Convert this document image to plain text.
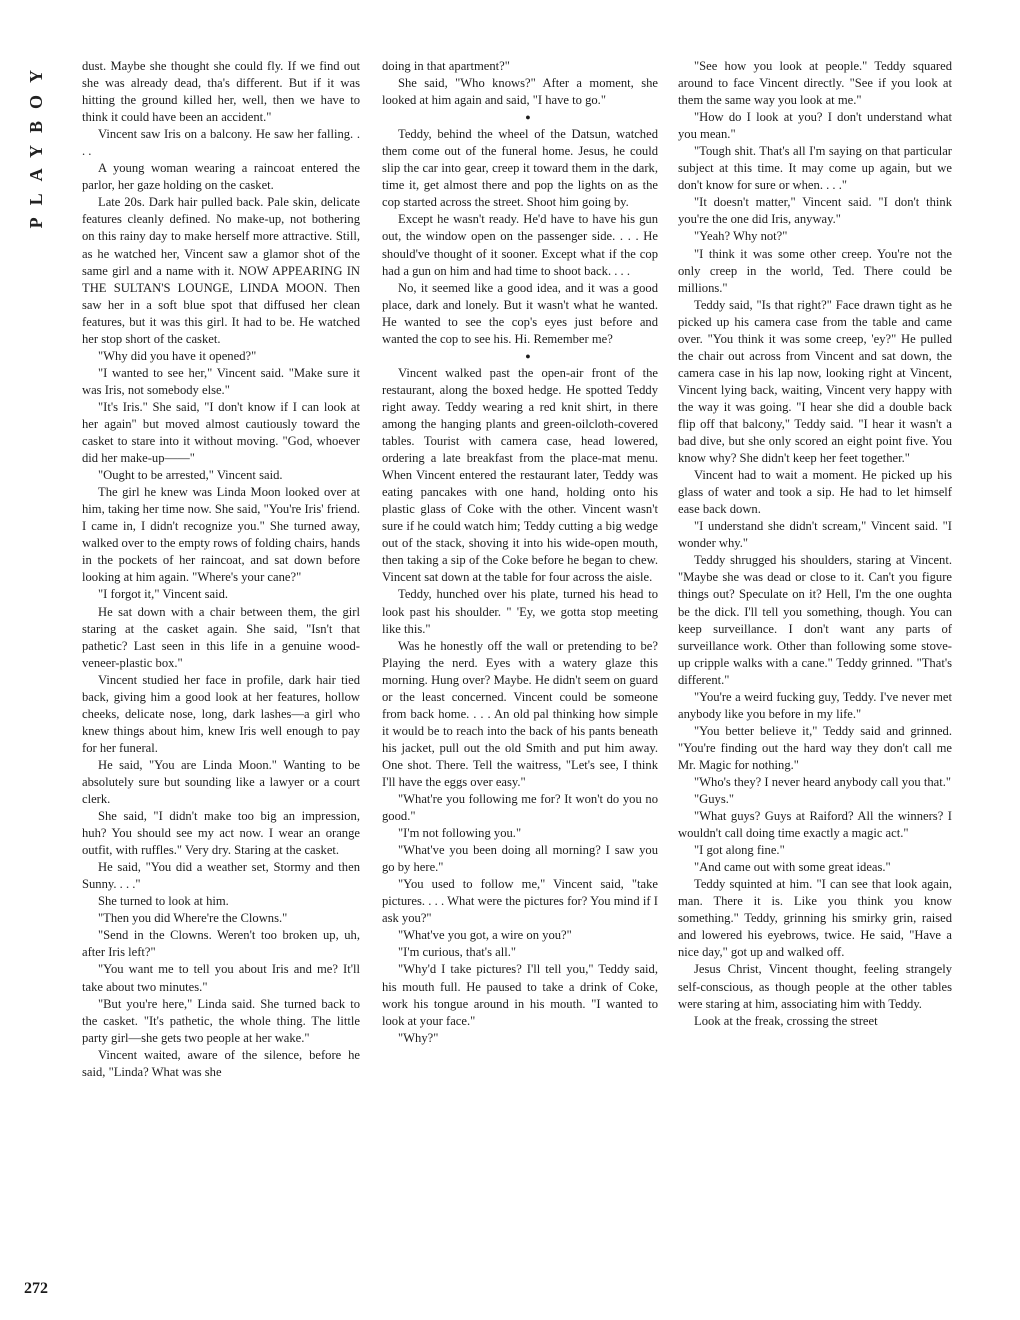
PLAYBOY
272

dust. Maybe she thought she could fly. If we find out she was already dead, tha's different. But if it was hitting the ground killed her, well, then we have to think it could have been an accident."

Vincent saw Iris on a balcony. He saw her falling. . . .

A young woman wearing a raincoat entered the parlor, her gaze holding on the casket.

Late 20s. Dark hair pulled back. Pale skin, delicate features cleanly defined. No make-up, not bothering on this rainy day to make herself more attractive. Still, as he watched her, Vincent saw a glamor shot of the same girl and a name with it. NOW APPEARING IN THE SULTAN'S LOUNGE, LINDA MOON. Then saw her in a soft blue spot that diffused her clean features, but it was this girl. It had to be. He watched her stop short of the casket.

"Why did you have it opened?"

"I wanted to see her," Vincent said. "Make sure it was Iris, not somebody else."

"It's Iris." She said, "I don't know if I can look at her again" but moved almost cautiously toward the casket to stare into it without moving. "God, whoever did her make-up——"

"Ought to be arrested," Vincent said.

The girl he knew was Linda Moon looked over at him, taking her time now. She said, "You're Iris' friend. I came in, I didn't recognize you." She turned away, walked over to the empty rows of folding chairs, hands in the pockets of her raincoat, and sat down before looking at him again. "Where's your cane?"

"I forgot it," Vincent said.

He sat down with a chair between them, the girl staring at the casket again. She said, "Isn't that pathetic? Last seen in this life in a genuine wood-veneer-plastic box."

Vincent studied her face in profile, dark hair tied back, giving him a good look at her features, hollow cheeks, delicate nose, long, dark lashes—a girl who knew things about him, knew Iris well enough to pay for her funeral.

He said, "You are Linda Moon." Wanting to be absolutely sure but sounding like a lawyer or a court clerk.

She said, "I didn't make too big an impression, huh? You should see my act now. I wear an orange outfit, with ruffles." Very dry. Staring at the casket.

He said, "You did a weather set, Stormy and then Sunny. . . ."

She turned to look at him.

"Then you did Where're the Clowns."

"Send in the Clowns. Weren't too broken up, uh, after Iris left?"

"You want me to tell you about Iris and me? It'll take about two minutes."

"But you're here," Linda said. She turned back to the casket. "It's pathetic, the whole thing. The little party girl—she gets two people at her wake."

Vincent waited, aware of the silence, before he said, "Linda? What was she

doing in that apartment?"

She said, "Who knows?" After a moment, she looked at him again and said, "I have to go."

●

Teddy, behind the wheel of the Datsun, watched them come out of the funeral home. Jesus, he could slip the car into gear, creep it toward them in the dark, time it, get almost there and pop the lights on as the cop started across the street. Shoot him going by.

Except he wasn't ready. He'd have to have his gun out, the window open on the passenger side. . . . He should've thought of it sooner. Except what if the cop had a gun on him and had time to shoot back. . . .

No, it seemed like a good idea, and it was a good place, dark and lonely. But it wasn't what he wanted. He wanted to see the cop's eyes just before and wanted the cop to see his. Hi. Remember me?

●

Vincent walked past the open-air front of the restaurant, along the boxed hedge. He spotted Teddy right away. Teddy wearing a red knit shirt, in there among the hanging plants and green-oilcloth-covered tables. Tourist with camera case, head lowered, ordering a late breakfast from the place-mat menu. When Vincent entered the restaurant later, Teddy was eating pancakes with one hand, holding onto his plastic glass of Coke with the other. Vincent wasn't sure if he could watch him; Teddy cutting a big wedge out of the stack, shoving it into his wide-open mouth, then taking a sip of the Coke before he began to chew. Vincent sat down at the table for four across the aisle.

Teddy, hunched over his plate, turned his head to look past his shoulder. " 'Ey, we gotta stop meeting like this."

Was he honestly off the wall or pretending to be? Playing the nerd. Eyes with a watery glaze this morning. Hung over? Maybe. He didn't seem on guard or the least concerned. Vincent could be someone from back home. . . . An old pal thinking how simple it would be to reach into the back of his pants beneath his jacket, pull out the old Smith and put him away. One shot. There. Tell the waitress, "Let's see, I think I'll have the eggs over easy."

"What're you following me for? It won't do you no good."

"I'm not following you."

"What've you been doing all morning? I saw you go by here."

"You used to follow me," Vincent said, "take pictures. . . . What were the pictures for? You mind if I ask you?"

"What've you got, a wire on you?"

"I'm curious, that's all."

"Why'd I take pictures? I'll tell you," Teddy said, his mouth full. He paused to take a drink of Coke, work his tongue around in his mouth. "I wanted to look at your face."

"Why?"

"See how you look at people." Teddy squared around to face Vincent directly. "See if you look at them the same way you look at me."

"How do I look at you? I don't understand what you mean."

"Tough shit. That's all I'm saying on that particular subject at this time. It may come up again, but we don't know for sure or when. . . ."

"It doesn't matter," Vincent said. "I don't think you're the one did Iris, anyway."

"Yeah? Why not?"

"I think it was some other creep. You're not the only creep in the world, Ted. There could be millions."

Teddy said, "Is that right?" Face drawn tight as he picked up his camera case from the table and came over. "You think it was some creep, 'ey?" He pulled the chair out across from Vincent and sat down, the camera case in his lap now, looking right at Vincent, Vincent lying back, waiting, Vincent very happy with the way it was going. "I hear she did a double back flip off that balcony," Teddy said. "I hear it wasn't a bad dive, but she only scored an eight point five. You know why? She didn't keep her feet together."

Vincent had to wait a moment. He picked up his glass of water and took a sip. He had to let himself ease back down.

"I understand she didn't scream," Vincent said. "I wonder why."

Teddy shrugged his shoulders, staring at Vincent. "Maybe she was dead or close to it. Can't you figure things out? Speculate on it? Hell, I'm the one oughta be the dick. I'll tell you something, though. You can keep surveillance. I don't want any parts of surveillance work. Other than following some stove-up cripple walks with a cane." Teddy grinned. "That's different."

"You're a weird fucking guy, Teddy. I've never met anybody like you before in my life."

"You better believe it," Teddy said and grinned. "You're finding out the hard way they don't call me Mr. Magic for nothing."

"Who's they? I never heard anybody call you that."

"Guys."

"What guys? Guys at Raiford? All the winners? I wouldn't call doing time exactly a magic act."

"I got along fine."

"And came out with some great ideas."

Teddy squinted at him. "I can see that look again, man. There it is. Like you think you know something." Teddy, grinning his smirky grin, raised and lowered his eyebrows, twice. He said, "Have a nice day," got up and walked off.

Jesus Christ, Vincent thought, feeling strangely self-conscious, as though people at the other tables were staring at him, associating him with Teddy.

Look at the freak, crossing the street
